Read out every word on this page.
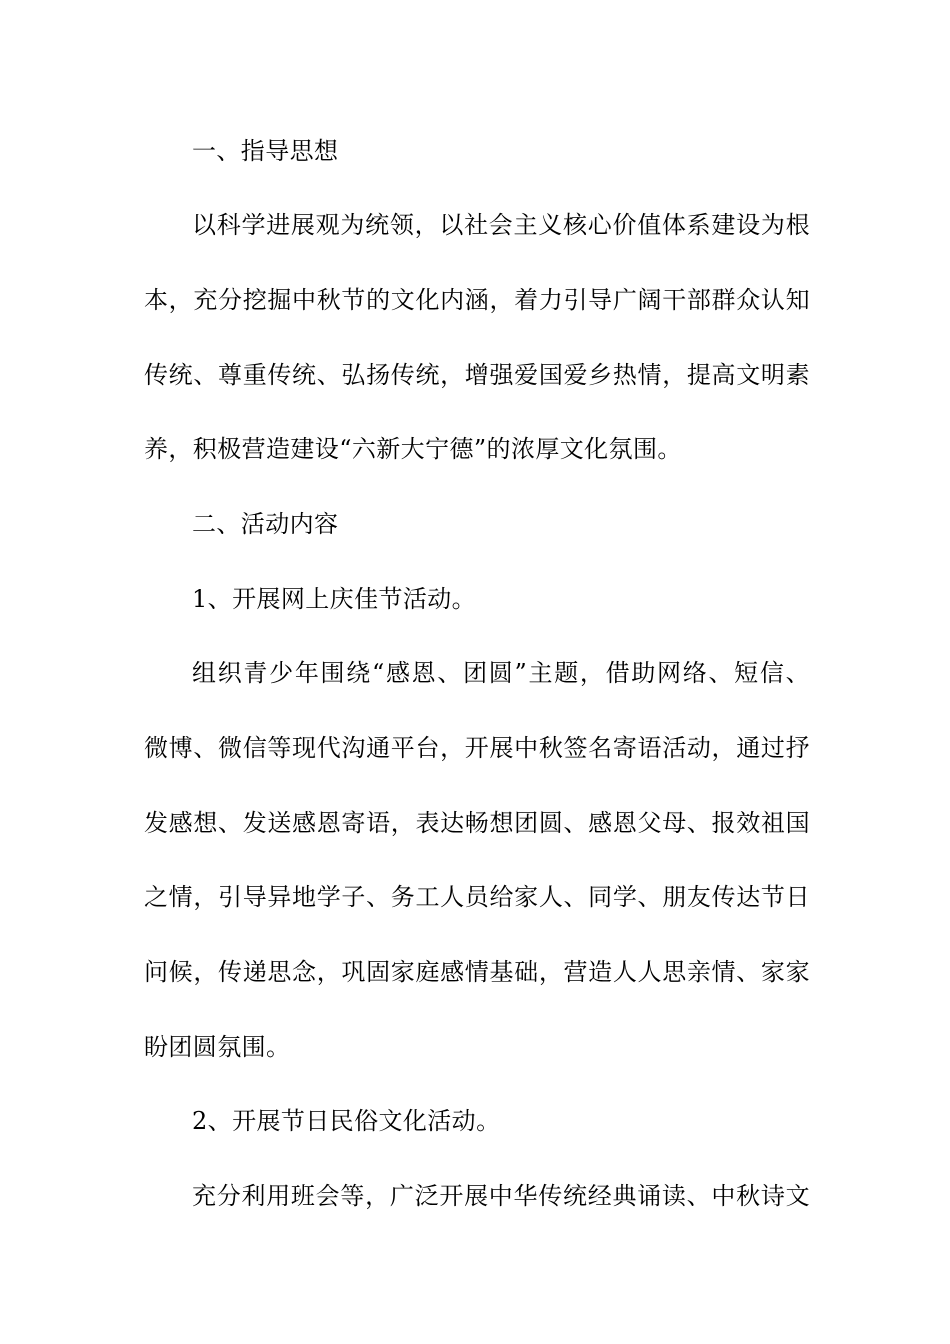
一、指导思想
以科学进展观为统领，以社会主义核心价值体系建设为根
本，充分挖掘中秋节的文化内涵，着力引导广阔干部群众认知
传统、尊重传统、弘扬传统，增强爱国爱乡热情，提高文明素
养，积极营造建设“六新大宁德”的浓厚文化氛围。
二、活动内容
1、开展网上庆佳节活动。
组织青少年围绕“感恩、团圆”主题，借助网络、短信、
微博、微信等现代沟通平台，开展中秋签名寄语活动，通过抒
发感想、发送感恩寄语，表达畅想团圆、感恩父母、报效祖国
之情，引导异地学子、务工人员给家人、同学、朋友传达节日
问候，传递思念，巩固家庭感情基础，营造人人思亲情、家家
盼团圆氛围。
2、开展节日民俗文化活动。
充分利用班会等，广泛开展中华传统经典诵读、中秋诗文
